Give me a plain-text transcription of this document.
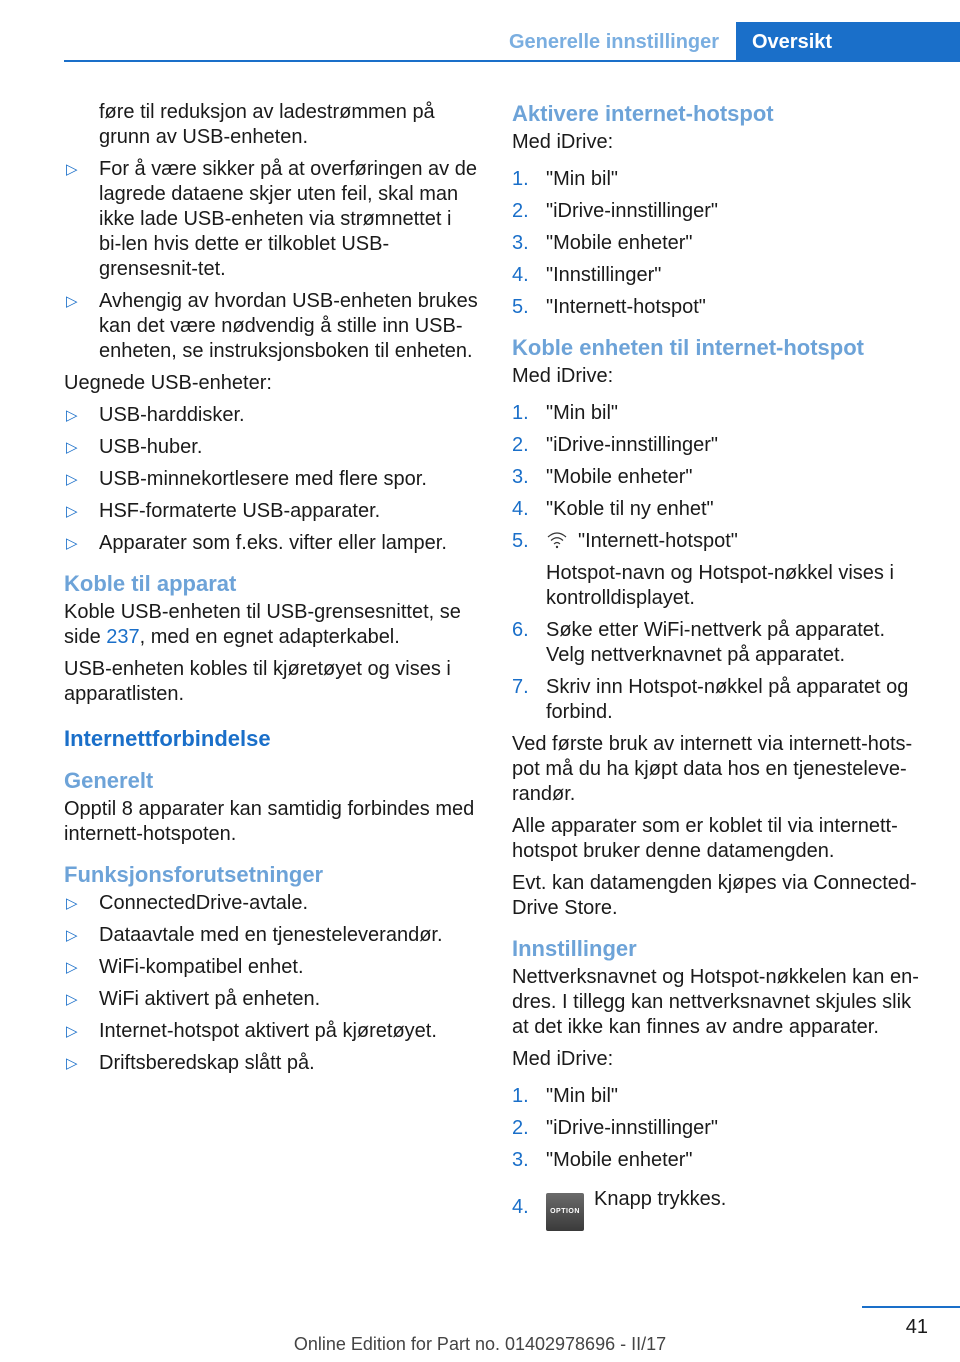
Generelle innstillinger	Oversikt
føre til reduksjon av ladestrømmen på grunn av USB-enheten.
▷ For å være sikker på at overføringen av de lagrede dataene skjer uten feil, skal man ikke lade USB-enheten via strømnettet i bi-len hvis dette er tilkoblet USB-grensesnit-tet.
▷ Avhengig av hvordan USB-enheten brukes kan det være nødvendig å stille inn USB-enheten, se instruksjonsboken til enheten.
Uegnede USB-enheter:
▷ USB-harddisker.
▷ USB-huber.
▷ USB-minnekortlesere med flere spor.
▷ HSF-formaterte USB-apparater.
▷ Apparater som f.eks. vifter eller lamper.
Koble til apparat
Koble USB-enheten til USB-grensesnittet, se side 237, med en egnet adapterkabel.
USB-enheten kobles til kjøretøyet og vises i apparatlisten.
Internettforbindelse
Generelt
Opptil 8 apparater kan samtidig forbindes med internett-hotspoten.
Funksjonsforutsetninger
▷ ConnectedDrive-avtale.
▷ Dataavtale med en tjenesteleverandør.
▷ WiFi-kompatibel enhet.
▷ WiFi aktivert på enheten.
▷ Internet-hotspot aktivert på kjøretøyet.
▷ Driftsberedskap slått på.
Aktivere internet-hotspot
Med iDrive:
1. "Min bil"
2. "iDrive-innstillinger"
3. "Mobile enheter"
4. "Innstillinger"
5. "Internett-hotspot"
Koble enheten til internet-hotspot
Med iDrive:
1. "Min bil"
2. "iDrive-innstillinger"
3. "Mobile enheter"
4. "Koble til ny enhet"
5. "Internett-hotspot"
Hotspot-navn og Hotspot-nøkkel vises i kontrolldisplayet.
6. Søke etter WiFi-nettverk på apparatet. Velg nettverknavnet på apparatet.
7. Skriv inn Hotspot-nøkkel på apparatet og forbind.
Ved første bruk av internett via internett-hots-pot må du ha kjøpt data hos en tjenesteleve-randør.
Alle apparater som er koblet til via internett-hotspot bruker denne datamengden.
Evt. kan datamengden kjøpes via Connected-Drive Store.
Innstillinger
Nettverksnavnet og Hotspot-nøkkelen kan en-dres. I tillegg kan nettverksnavnet skjules slik at det ikke kan finnes av andre apparater.
Med iDrive:
1. "Min bil"
2. "iDrive-innstillinger"
3. "Mobile enheter"
4.	OPTIONKnapp trykkes.
41
Online Edition for Part no. 01402978696 - II/17
